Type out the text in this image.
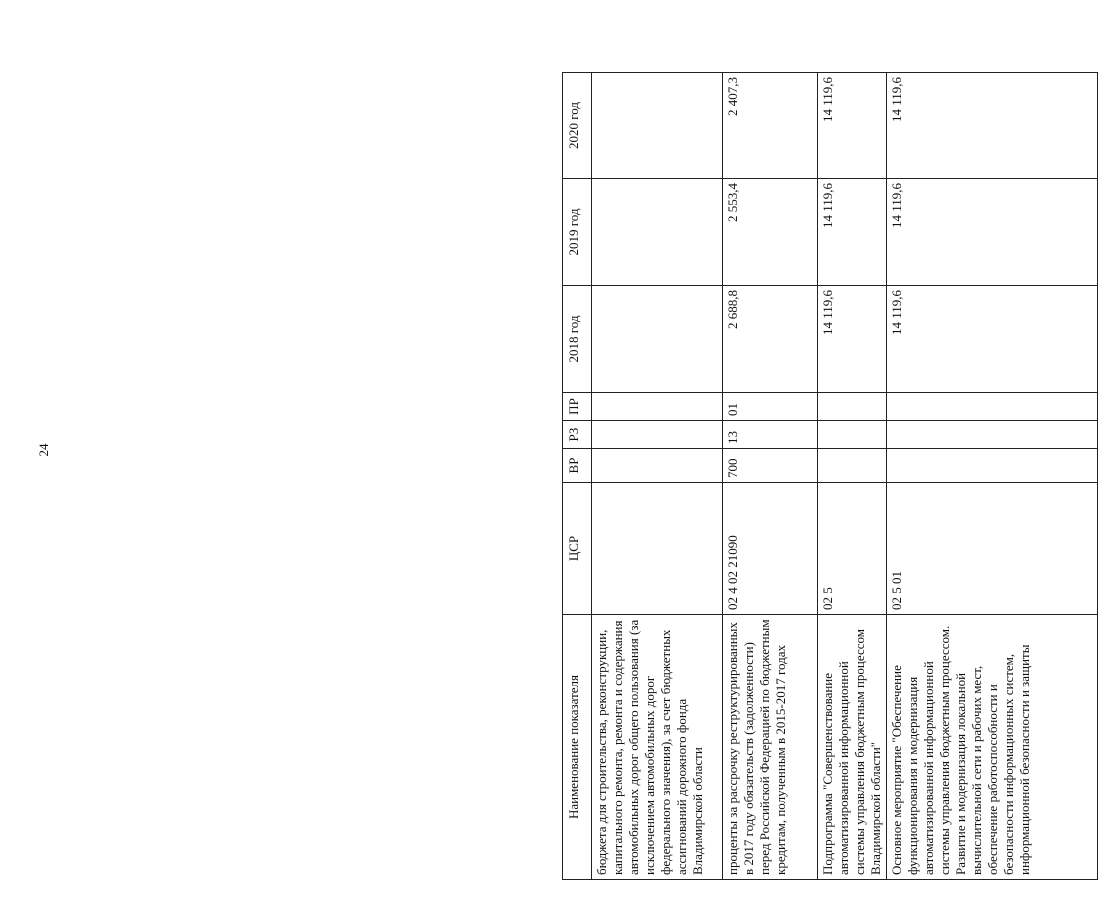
24
Наименование показателя	ЦСР	ВР	РЗ	ПР	2018 год	2019 год	2020 год
бюджета для строительства, реконструкции, капитального ремонта, ремонта и содержания автомобильных дорог общего пользования (за исключением автомобильных дорог федерального значения), за счет бюджетных ассигнований дорожного фонда Владимирской области							
проценты за рассрочку реструктурированных в 2017 году обязательств (задолженности) перед Российской Федерацией по бюджетным кредитам, полученным в 2015-2017 годах	02 4 02 21090	700	13	01	2 688,8	2 553,4	2 407,3
Подпрограмма "Совершенствование автоматизированной информационной системы управления бюджетным процессом Владимирской области"	02 5				14 119,6	14 119,6	14 119,6
Основное мероприятие "Обеспечение функционирования и модернизация автоматизированной информационной системы управления бюджетным процессом. Развитие и модернизация локальной вычислительной сети и рабочих мест, обеспечение работоспособности и безопасности информационных систем, информационной безопасности и защиты	02 5 01				14 119,6	14 119,6	14 119,6
